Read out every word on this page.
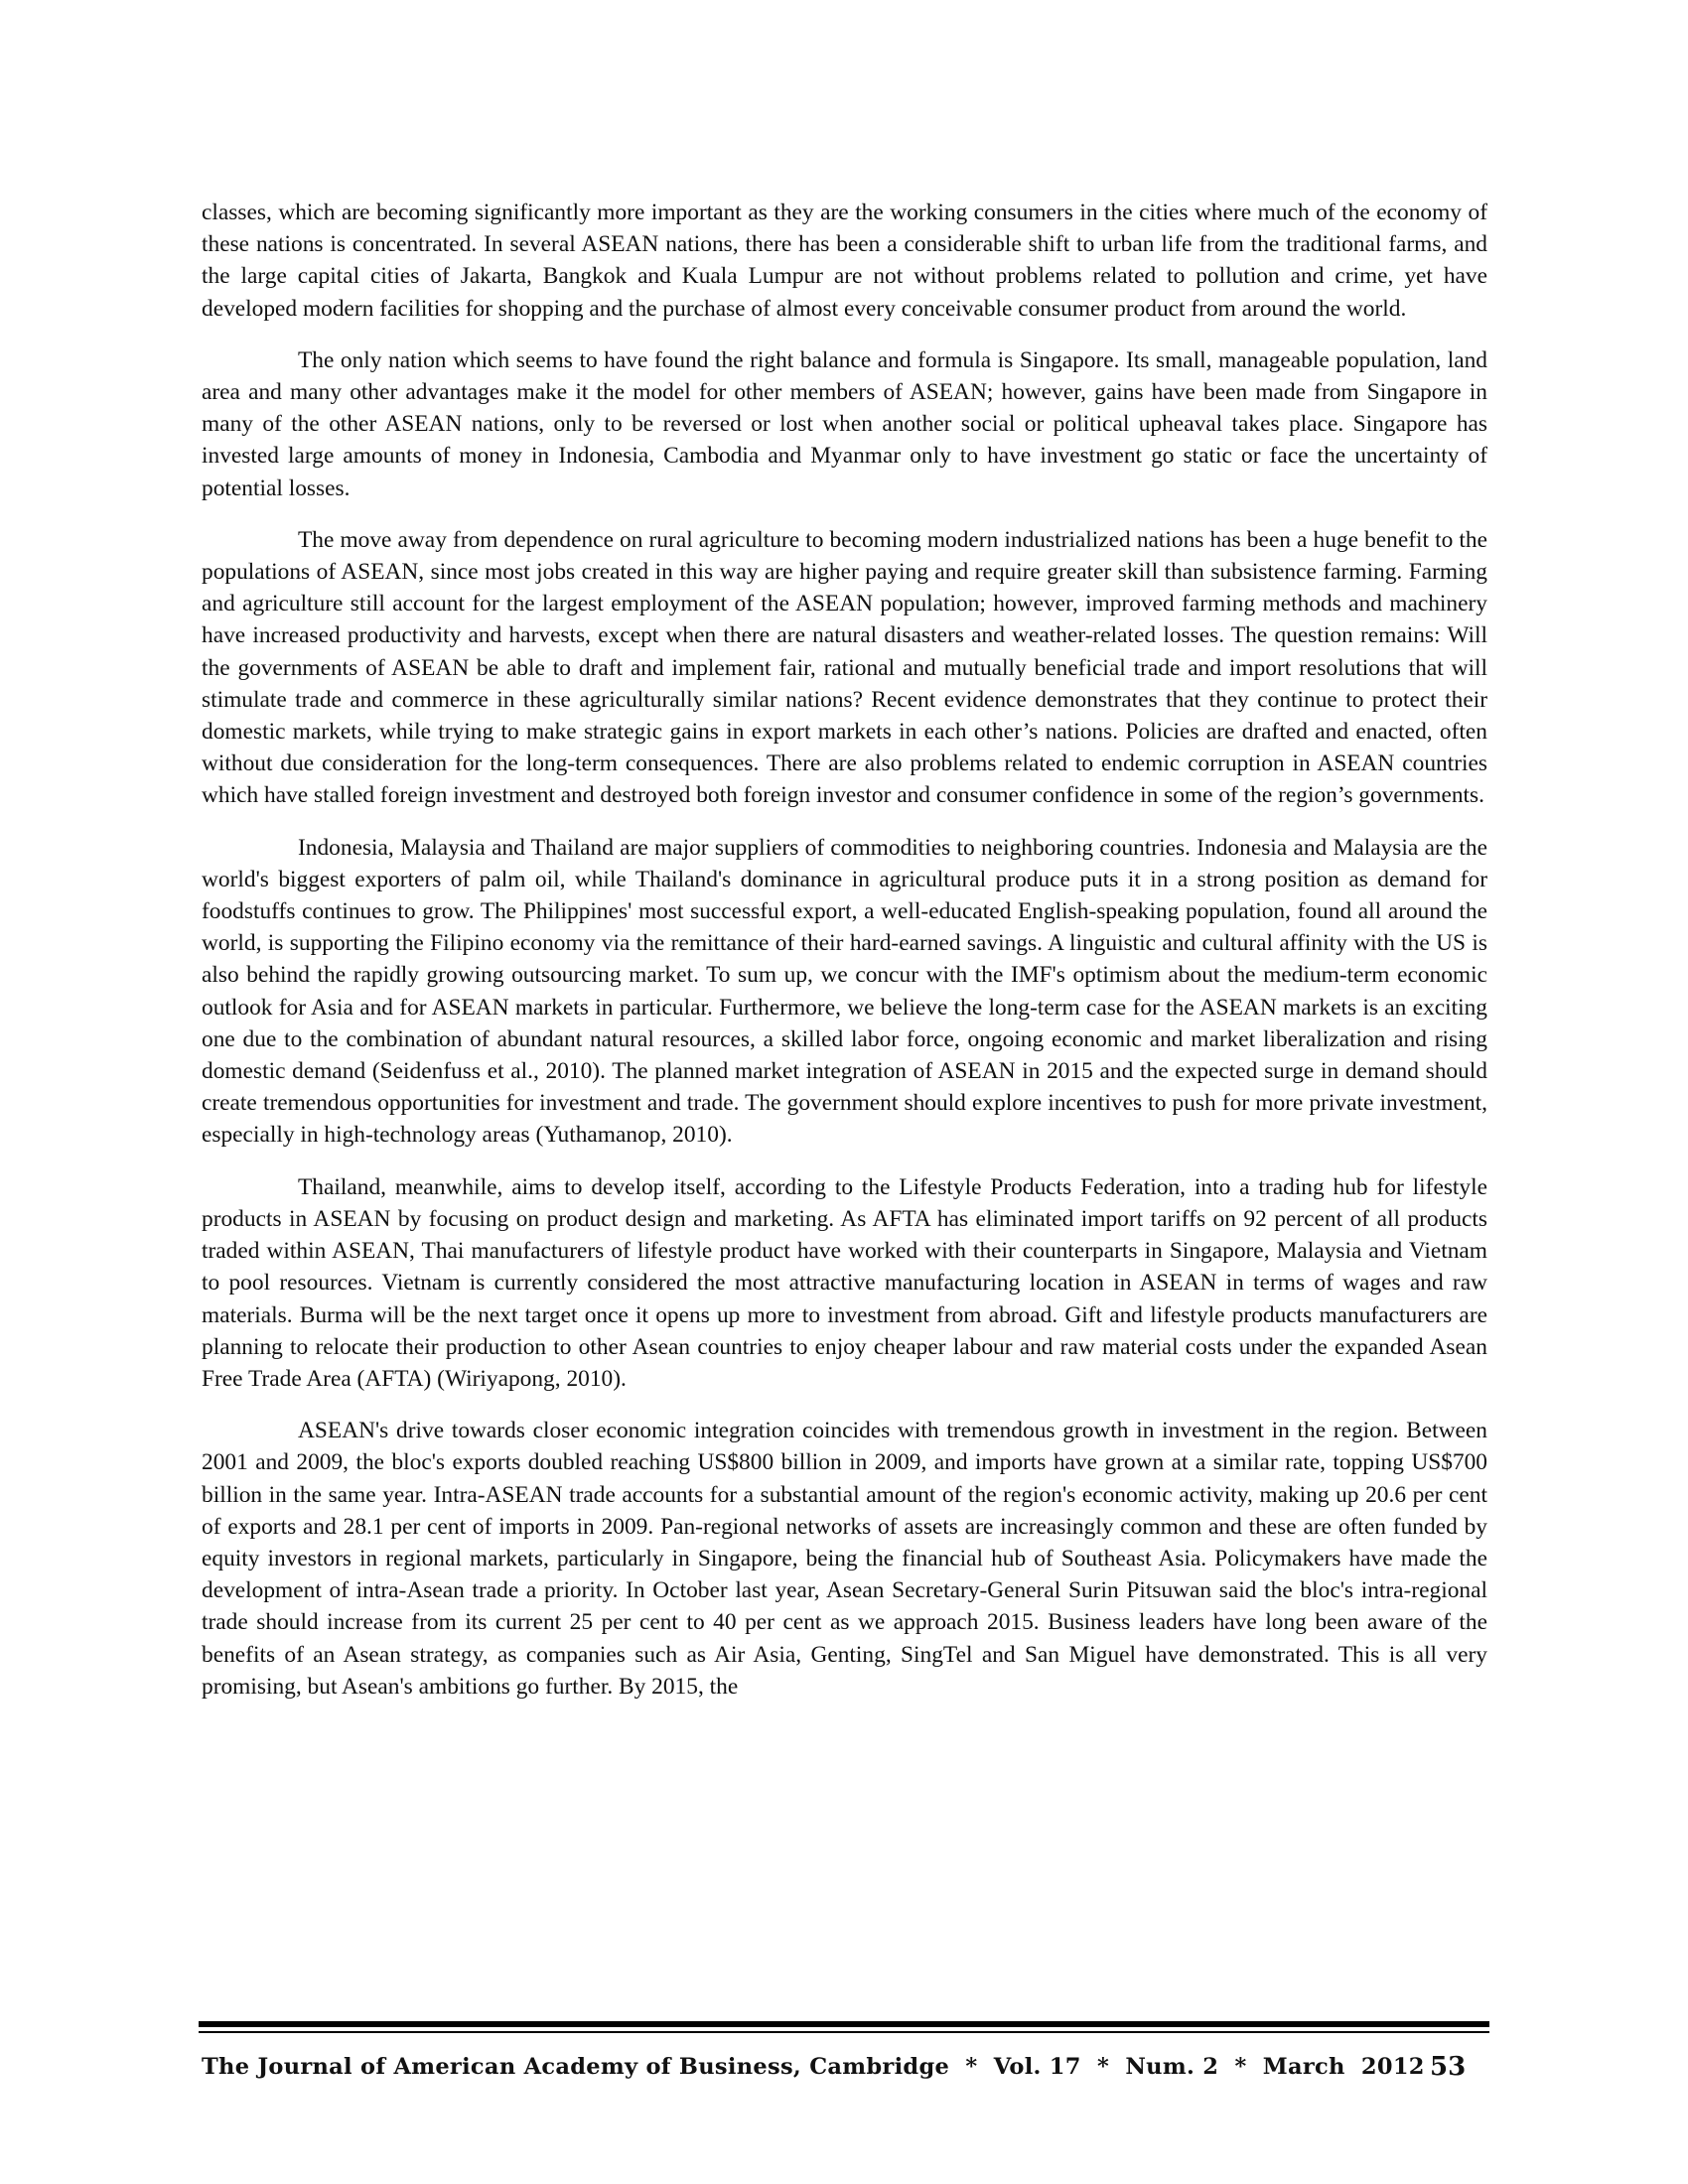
classes, which are becoming significantly more important as they are the working consumers in the cities where much of the economy of these nations is concentrated. In several ASEAN nations, there has been a considerable shift to urban life from the traditional farms, and the large capital cities of Jakarta, Bangkok and Kuala Lumpur are not without problems related to pollution and crime, yet have developed modern facilities for shopping and the purchase of almost every conceivable consumer product from around the world.

The only nation which seems to have found the right balance and formula is Singapore. Its small, manageable population, land area and many other advantages make it the model for other members of ASEAN; however, gains have been made from Singapore in many of the other ASEAN nations, only to be reversed or lost when another social or political upheaval takes place. Singapore has invested large amounts of money in Indonesia, Cambodia and Myanmar only to have investment go static or face the uncertainty of potential losses.

The move away from dependence on rural agriculture to becoming modern industrialized nations has been a huge benefit to the populations of ASEAN, since most jobs created in this way are higher paying and require greater skill than subsistence farming. Farming and agriculture still account for the largest employment of the ASEAN population; however, improved farming methods and machinery have increased productivity and harvests, except when there are natural disasters and weather-related losses. The question remains: Will the governments of ASEAN be able to draft and implement fair, rational and mutually beneficial trade and import resolutions that will stimulate trade and commerce in these agriculturally similar nations? Recent evidence demonstrates that they continue to protect their domestic markets, while trying to make strategic gains in export markets in each other’s nations. Policies are drafted and enacted, often without due consideration for the long-term consequences. There are also problems related to endemic corruption in ASEAN countries which have stalled foreign investment and destroyed both foreign investor and consumer confidence in some of the region’s governments.

Indonesia, Malaysia and Thailand are major suppliers of commodities to neighboring countries. Indonesia and Malaysia are the world's biggest exporters of palm oil, while Thailand's dominance in agricultural produce puts it in a strong position as demand for foodstuffs continues to grow. The Philippines' most successful export, a well-educated English-speaking population, found all around the world, is supporting the Filipino economy via the remittance of their hard-earned savings. A linguistic and cultural affinity with the US is also behind the rapidly growing outsourcing market. To sum up, we concur with the IMF's optimism about the medium-term economic outlook for Asia and for ASEAN markets in particular. Furthermore, we believe the long-term case for the ASEAN markets is an exciting one due to the combination of abundant natural resources, a skilled labor force, ongoing economic and market liberalization and rising domestic demand (Seidenfuss et al., 2010). The planned market integration of ASEAN in 2015 and the expected surge in demand should create tremendous opportunities for investment and trade. The government should explore incentives to push for more private investment, especially in high-technology areas (Yuthamanop, 2010).

Thailand, meanwhile, aims to develop itself, according to the Lifestyle Products Federation, into a trading hub for lifestyle products in ASEAN by focusing on product design and marketing. As AFTA has eliminated import tariffs on 92 percent of all products traded within ASEAN, Thai manufacturers of lifestyle product have worked with their counterparts in Singapore, Malaysia and Vietnam to pool resources. Vietnam is currently considered the most attractive manufacturing location in ASEAN in terms of wages and raw materials. Burma will be the next target once it opens up more to investment from abroad. Gift and lifestyle products manufacturers are planning to relocate their production to other Asean countries to enjoy cheaper labour and raw material costs under the expanded Asean Free Trade Area (AFTA) (Wiriyapong, 2010).

ASEAN's drive towards closer economic integration coincides with tremendous growth in investment in the region. Between 2001 and 2009, the bloc's exports doubled reaching US$800 billion in 2009, and imports have grown at a similar rate, topping US$700 billion in the same year. Intra-ASEAN trade accounts for a substantial amount of the region's economic activity, making up 20.6 per cent of exports and 28.1 per cent of imports in 2009. Pan-regional networks of assets are increasingly common and these are often funded by equity investors in regional markets, particularly in Singapore, being the financial hub of Southeast Asia. Policymakers have made the development of intra-Asean trade a priority. In October last year, Asean Secretary-General Surin Pitsuwan said the bloc's intra-regional trade should increase from its current 25 per cent to 40 per cent as we approach 2015. Business leaders have long been aware of the benefits of an Asean strategy, as companies such as Air Asia, Genting, SingTel and San Miguel have demonstrated. This is all very promising, but Asean's ambitions go further. By 2015, the

The Journal of American Academy of Business, Cambridge  *  Vol. 17  *  Num. 2  *  March  2012 53
